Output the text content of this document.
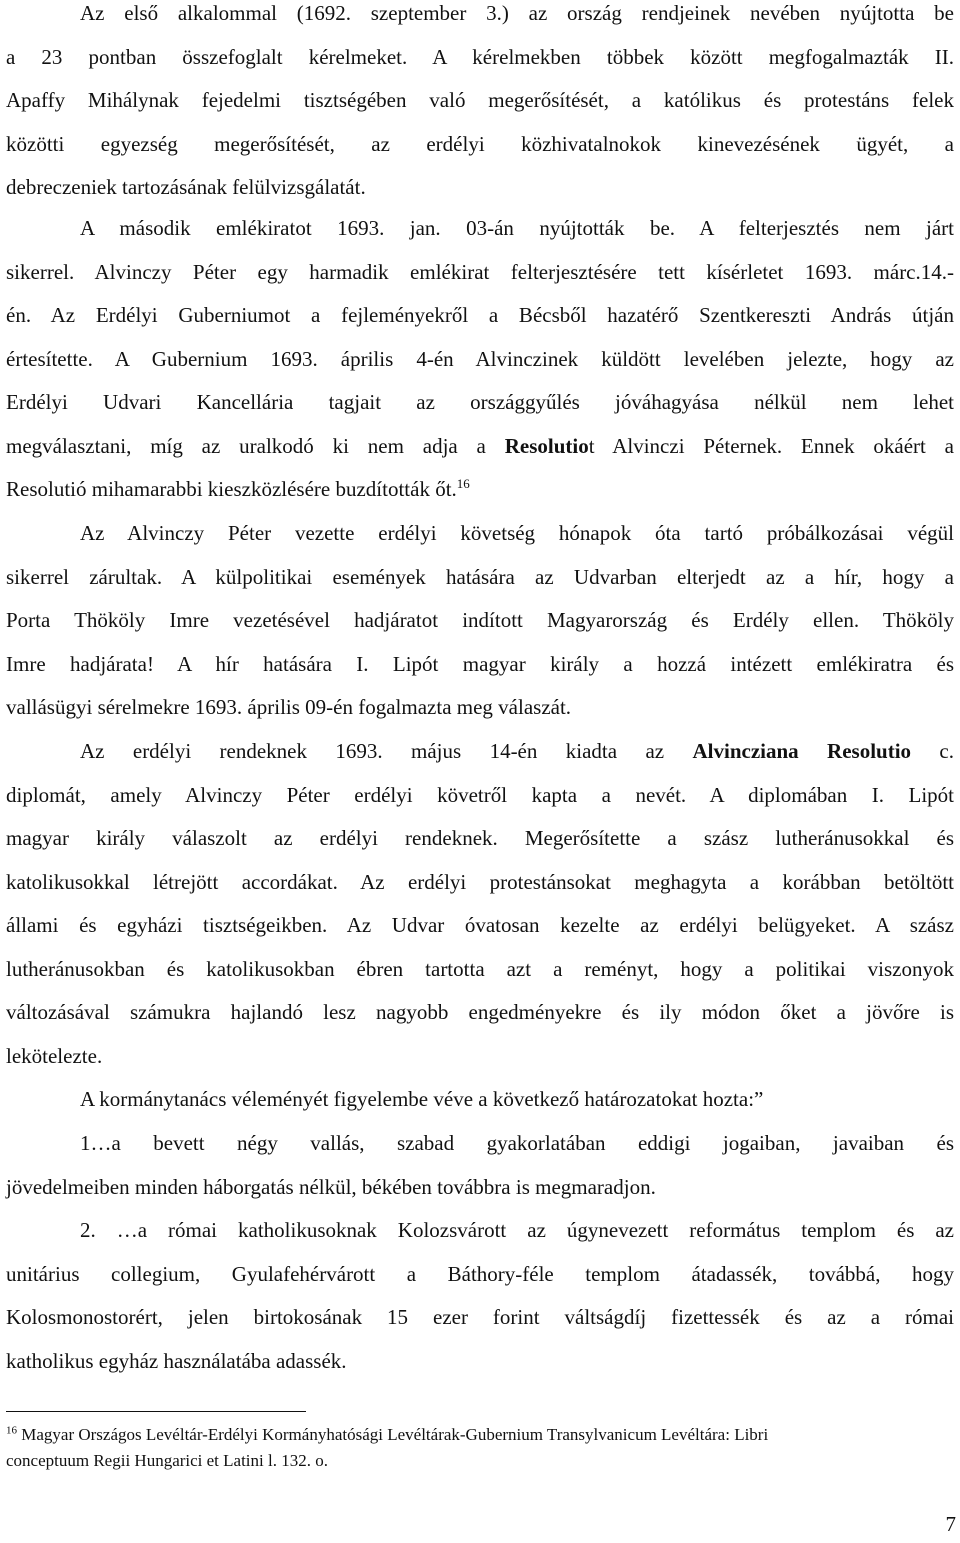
Az első alkalommal (1692. szeptember 3.) az ország rendjeinek nevében nyújtotta be
a 23 pontban összefoglalt kérelmeket. A kérelmekben többek között megfogalmazták II.
Apaffy Mihálynak fejedelmi tisztségében való megerősítését, a katólikus és protestáns felek
közötti egyezség megerősítését, az erdélyi közhivatalnokok kinevezésének ügyét, a
debreczeniek tartozásának felülvizsgálatát.

A második emlékiratot 1693. jan. 03-án nyújtották be. A felterjesztés nem járt
sikerrel. Alvinczy Péter egy harmadik emlékirat felterjesztésére tett kísérletet 1693. márc.14.-
én. Az Erdélyi Guberniumot a fejleményekről a Bécsből hazatérő Szentkereszti András útján
értesítette. A Gubernium 1693. április 4-én Alvinczinek küldött levelében jelezte, hogy az
Erdélyi Udvari Kancellária tagjait az országgyűlés jóváhagyása nélkül nem lehet
megválasztani, míg az uralkodó ki nem adja a Resolutiot Alvinczi Péternek. Ennek okáért a
Resolutió mihamarabbi kieszközlésére buzdították őt.$^{16}$

Az Alvinczy Péter vezette erdélyi követség hónapok óta tartó próbálkozásai végül
sikerrel zárultak. A külpolitikai események hatására az Udvarban elterjedt az a hír, hogy a
Porta Thököly Imre vezetésével hadjáratot indított Magyarország és Erdély ellen. Thököly
Imre hadjárata! A hír hatására I. Lipót magyar király a hozzá intézett emlékiratra és
vallásügyi sérelmekre 1693. április 09-én fogalmazta meg válaszát.

Az erdélyi rendeknek 1693. május 14-én kiadta az Alvincziana Resolutio c.
diplomát, amely Alvinczy Péter erdélyi követről kapta a nevét. A diplomában I. Lipót
magyar király válaszolt az erdélyi rendeknek. Megerősítette a szász lutheránusokkal és
katolikusokkal létrejött accordákat. Az erdélyi protestánsokat meghagyta a korábban betöltött
állami és egyházi tisztségeikben. Az Udvar óvatosan kezelte az erdélyi belügyeket. A szász
lutheránusokban és katolikusokban ébren tartotta azt a reményt, hogy a politikai viszonyok
változásával számukra hajlandó lesz nagyobb engedményekre és ily módon őket a jövőre is
lekötelezte.

A kormánytanács véleményét figyelembe véve a következő határozatokat hozta:”

1…a bevett négy vallás, szabad gyakorlatában eddigi jogaiban, javaiban és
jövedelmeiben minden háborgatás nélkül, békében továbbra is megmaradjon.

2. …a római katholikusoknak Kolozsvárott az úgynevezett református templom és az
unitárius collegium, Gyulafehérvárott a Báthory-féle templom átadassék, továbbá, hogy
Kolosmonostorért, jelen birtokosának 15 ezer forint váltságdíj fizettessék és az a római
katholikus egyház használatába adassék.

$^{16}$ Magyar Országos Levéltár-Erdélyi Kormányhatósági Levéltárak-Gubernium Transylvanicum Levéltára: Libri
conceptuum Regii Hungarici et Latini l. 132. o.
7
